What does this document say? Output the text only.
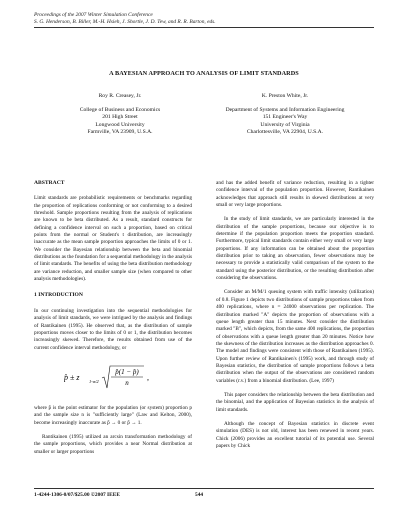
Proceedings of the 2007 Winter Simulation Conference
S. G. Henderson, B. Biller, M.-H. Hsieh, J. Shortle, J. D. Tew, and R. R. Barton, eds.
A BAYESIAN APPROACH TO ANALYSIS OF LIMIT STANDARDS
Roy R. Creasey, Jr.
College of Business and Economics
201 High Street
Longwood University
Farmville, VA 23909, U.S.A.
K. Preston White, Jr.
Department of Systems and Information Engineering
151 Engineer's Way
University of Virginia
Charlottesville, VA 22904, U.S.A.
ABSTRACT

Limit standards are probabilistic requirements or benchmarks regarding the proportion of replications conforming or not conforming to a desired threshold. Sample proportions resulting from the analysis of replications are known to be beta distributed. As a result, standard constructs for defining a confidence interval on such a proportion, based on critical points from the normal or Student's t distribution, are increasingly inaccurate as the mean sample proportion approaches the limits of 0 or 1. We consider the Bayesian relationship between the beta and binomial distributions as the foundation for a sequential methodology in the analysis of limit standards. The benefits of using the beta distribution methodology are variance reduction, and smaller sample size (when compared to other analysis methodologies).

1 INTRODUCTION

In our continuing investigation into the sequential methodologies for analysis of limit standards, we were intrigued by the analysis and findings of Rantikainen (1995). He observed that, as the distribution of sample proportions moves closer to the limits of 0 or 1, the distribution becomes increasingly skewed. Therefore, the results obtained from use of the current confidence interval methodology, or

p̂ ± z 1-α/2
p̂(1 − p̂)
n
,

where p̂ is the point estimator for the population (or system) proportion p and the sample size n is "sufficiently large" (Law and Kelton, 2000), become increasingly inaccurate as p̂ → 0 or p̂ → 1.

Rantikainen (1995) utilized an arcsin transformation methodology of the sample proportions, which provides a near Normal distribution at smaller or larger proportions

and has the added benefit of variance reduction, resulting in a tighter confidence interval of the population proportion. However, Rantikainen acknowledges that approach still results in skewed distributions at very small or very large proportions.

In the study of limit standards, we are particularly interested in the distribution of the sample proportions, because our objective is to determine if the population proportion meets the proportion standard. Furthermore, typical limit standards contain either very small or very large proportions. If any information can be obtained about the proportion distribution prior to taking an observation, fewer observations may be necessary to provide a statistically valid comparison of the system to the standard using the posterior distribution, or the resulting distribution after considering the observations.

Consider an M/M/1 queuing system with traffic intensity (utilization) of 0.8. Figure 1 depicts two distributions of sample proportions taken from 400 replications, where n = 24000 observations per replication. The distribution marked "A" depicts the proportion of observations with a queue length greater than 15 minutes. Next consider the distribution marked "B", which depicts, from the same 400 replications, the proportion of observations with a queue length greater than 20 minutes. Notice how the skewness of the distribution increases as the distribution approaches 0. The model and findings were consistent with those of Rantikainen (1995). Upon further review of Rantikainen's (1995) work, and through study of Bayesian statistics, the distribution of sample proportions follows a beta distribution when the output of the observations are considered random variables (r.v.) from a binomial distribution. (Lee, 1997)

This paper considers the relationship between the beta distribution and the binomial, and the application of Bayesian statistics in the analysis of limit standards.

Although the concept of Bayesian statistics in discrete event simulation (DES) is not old, interest has been renewed in recent years. Chick (2006) provides an excellent tutorial of its potential use. Several papers by Chick

1-4244-1306-0/07/$25.00 ©2007 IEEE	544
